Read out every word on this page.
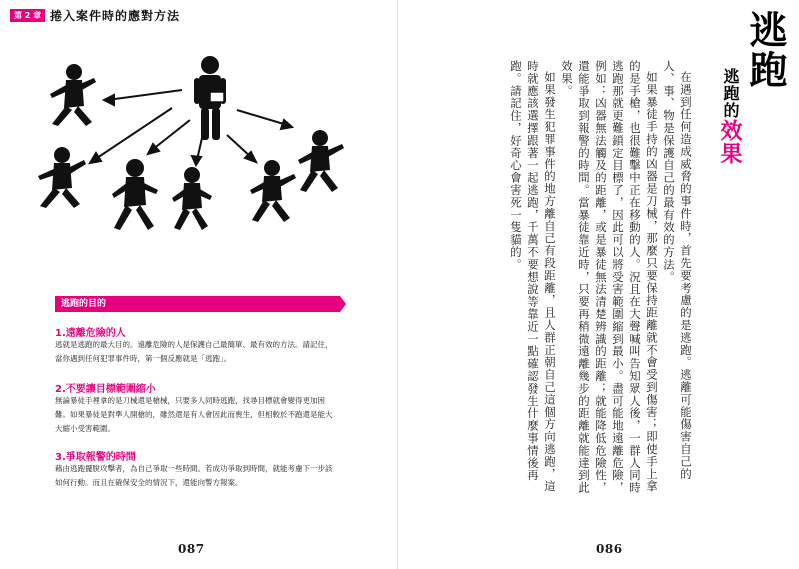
第 2 章 捲入案件時的應對方法
逃跑的目的
1.遠離危險的人
逃就是逃跑的最大目的。遠離危險的人是保護自己最簡單、最有效的方法。請記住，當你遇到任何犯罪事件時，第一個反應就是「逃跑」。
2.不要讓目標範圍縮小
無論暴徒手裡拿的是刀械還是槍械，只要多人同時逃跑，找尋目標就會變得更加困難。如果暴徒是對準人開槍的，雖然還是有人會因此而喪生，但相較於不跑還是能大大縮小受害範圍。
3.爭取報警的時間
藉由逃跑擺脫攻擊者，為自己爭取一些時間。若成功爭取到時間，就能考慮下一步該如何行動。而且在確保安全的情況下，還能向警方報案。
087
逃跑
逃跑的效果

在遇到任何造成威脅的事件時，首先要考慮的是逃跑。逃離可能傷害自己的人、事、物是保護自己的最有效的方法。

如果暴徒手持的凶器是刀械，那麼只要保持距離就不會受到傷害；即使手上拿的是手槍，也很難擊中正在移動的人。況且在大聲喊叫告知眾人後，一群人同時逃跑那就更難鎖定目標了，因此可以將受害範圍縮到最小。盡可能地遠離危險，例如：凶器無法觸及的距離，或是暴徒無法清楚辨識的距離；就能降低危險性，還能爭取到報警的時間。當暴徒靠近時，只要再稍微遠離幾步的距離就能達到此效果。

如果發生犯罪事件的地方離自己有段距離，且人群正朝自己這個方向逃跑，這時就應該選擇跟著一起逃跑，千萬不要想說等靠近一點確認發生什麼事情後再跑。請記住，好奇心會害死一隻貓的。

086
